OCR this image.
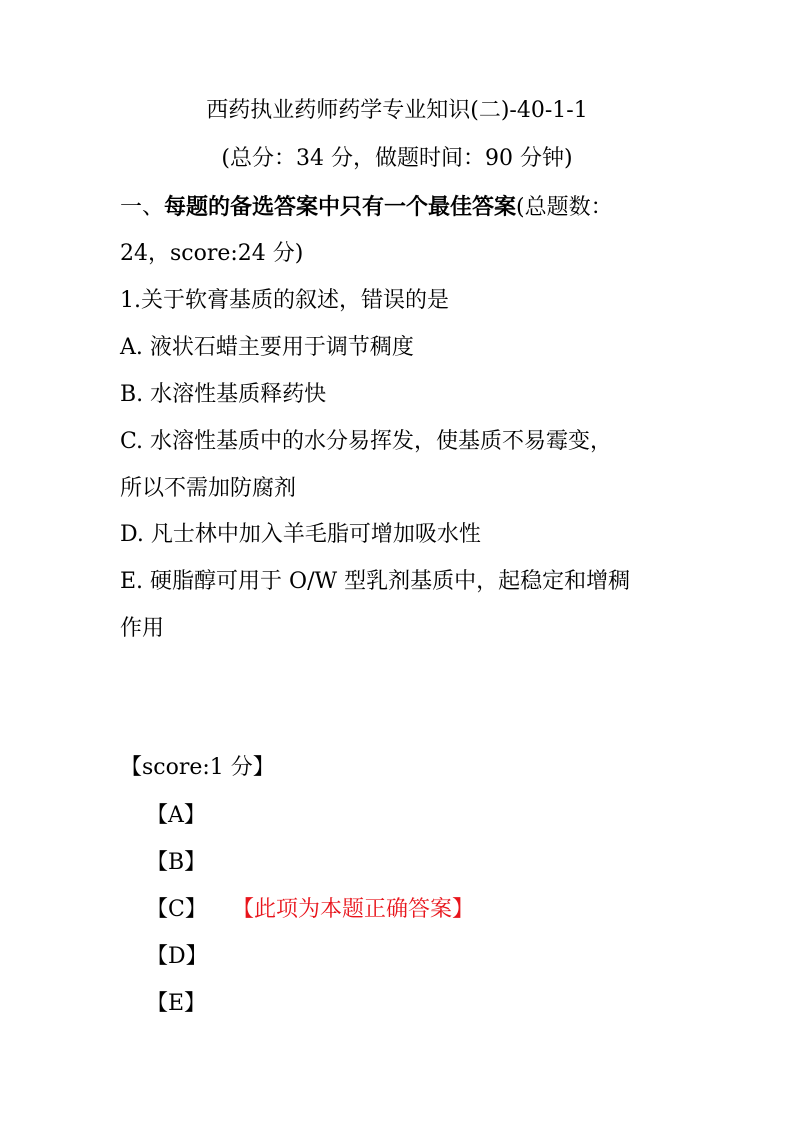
西药执业药师药学专业知识(二)-40-1-1
(总分：34 分，做题时间：90 分钟)
一、每题的备选答案中只有一个最佳答案(总题数：
24，score:24 分)
1.关于软膏基质的叙述，错误的是
A. 液状石蜡主要用于调节稠度
B. 水溶性基质释药快
C. 水溶性基质中的水分易挥发，使基质不易霉变，
所以不需加防腐剂
D. 凡士林中加入羊毛脂可增加吸水性
E. 硬脂醇可用于 O/W 型乳剂基质中，起稳定和增稠
作用
【score:1 分】
【A】
【B】
【C】 【此项为本题正确答案】
【D】
【E】
